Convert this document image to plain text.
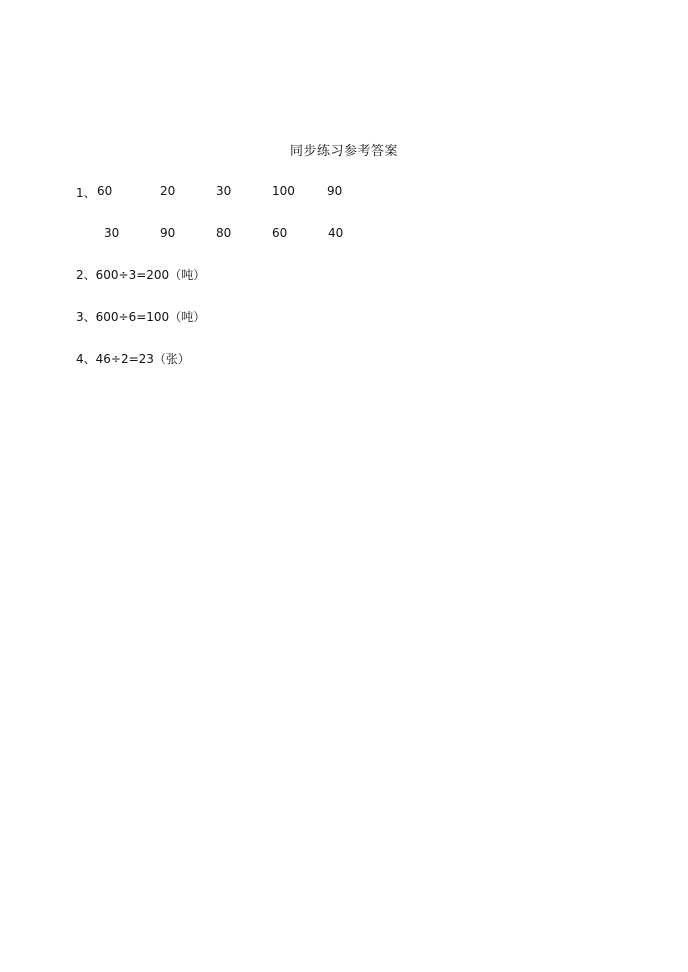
同步练习参考答案
1、 60	20	30	100	90
30	90	80	60	40
2、600÷3=200（吨）
3、600÷6=100（吨）
4、46÷2=23（张）
